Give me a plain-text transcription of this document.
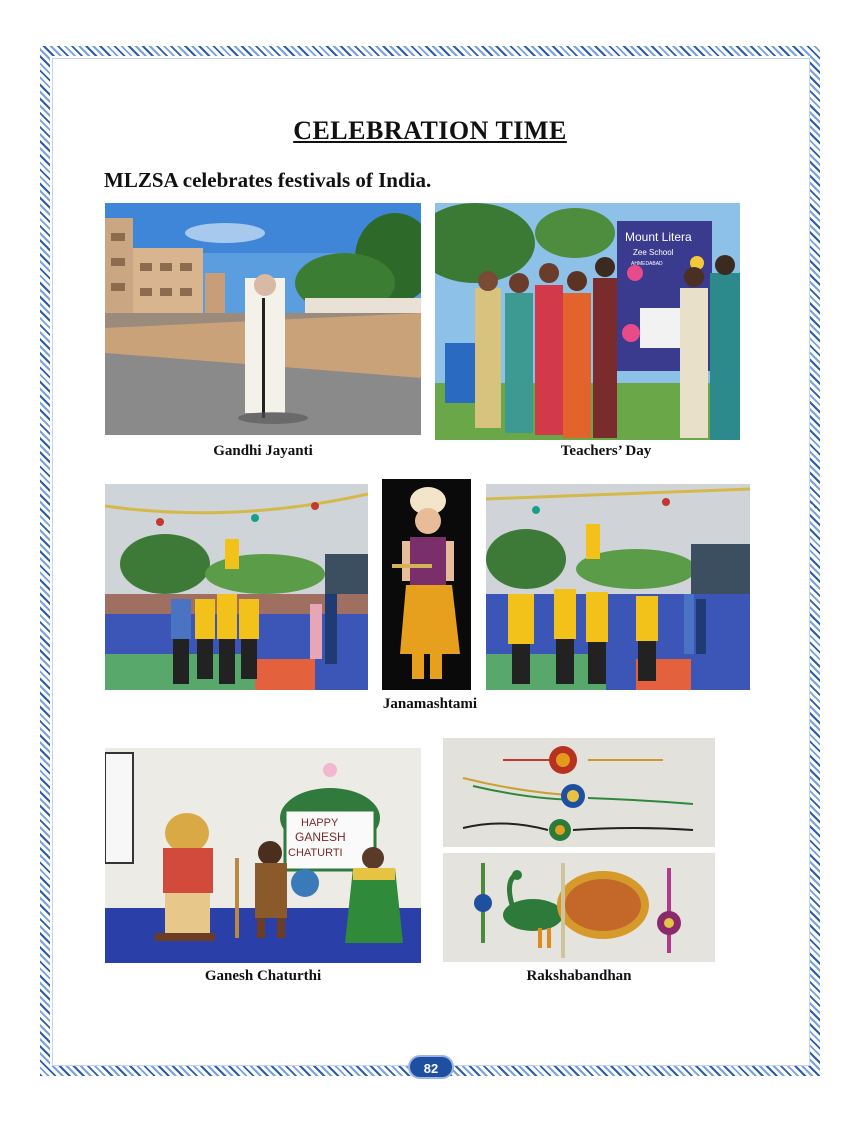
CELEBRATION TIME
MLZSA celebrates festivals of India.
Gandhi Jayanti
Mount Litera
Zee School
AHMEDABAD
Teachers’ Day
Janamashtami
HAPPY
GANESH
CHATURTI
Ganesh Chaturthi	Rakshabandhan
82
